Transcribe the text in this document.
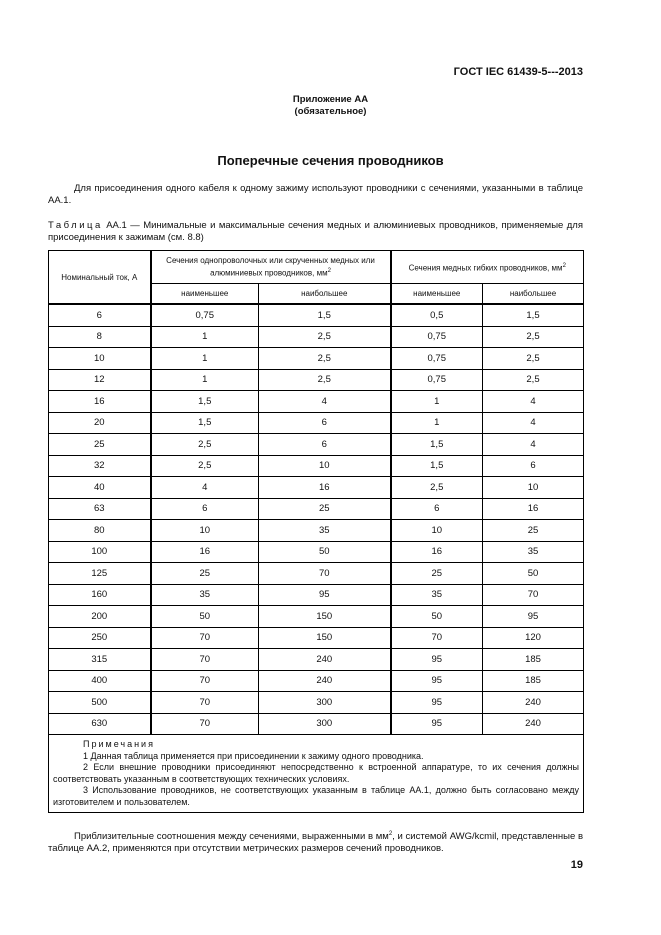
ГОСТ IEC 61439-5---2013
Приложение АА
(обязательное)
Поперечные сечения проводников
Для присоединения одного кабеля к одному зажиму используют проводники с сечениями, указанными в таблице АА.1.
Таблица АА.1 — Минимальные и максимальные сечения медных и алюминиевых проводников, применяемые для присоединения к зажимам (см. 8.8)
Номинальный ток, А	Сечения однопроволочных или скрученных медных или алюминиевых проводников, $мм^2$		Сечения медных гибких проводников, $мм^2$
	наименьшее	наибольшее	наименьшее	наибольшее
6	0,75	1,5	0,5	1,5
8	1	2,5	0,75	2,5
10	1	2,5	0,75	2,5
12	1	2,5	0,75	2,5
16	1,5	4	1	4
20	1,5	6	1	4
25	2,5	6	1,5	4
32	2,5	10	1,5	6
40	4	16	2,5	10
63	6	25	6	16
80	10	35	10	25
100	16	50	16	35
125	25	70	25	50
160	35	95	35	70
200	50	150	50	95
250	70	150	70	120
315	70	240	95	185
400	70	240	95	185
500	70	300	95	240
630	70	300	95	240

Примечания
1 Данная таблица применяется при присоединении к зажиму одного проводника.
2 Если внешние проводники присоединяют непосредственно к встроенной аппаратуре, то их сечения должны соответствовать указанным в соответствующих технических условиях.
3 Использование проводников, не соответствующих указанным в таблице АА.1, должно быть согласовано между изготовителем и пользователем.				
Приблизительные соотношения между сечениями, выраженными в $мм^2$, и системой AWG/kcmil, представленные в таблице АА.2, применяются при отсутствии метрических размеров сечений проводников.
19
